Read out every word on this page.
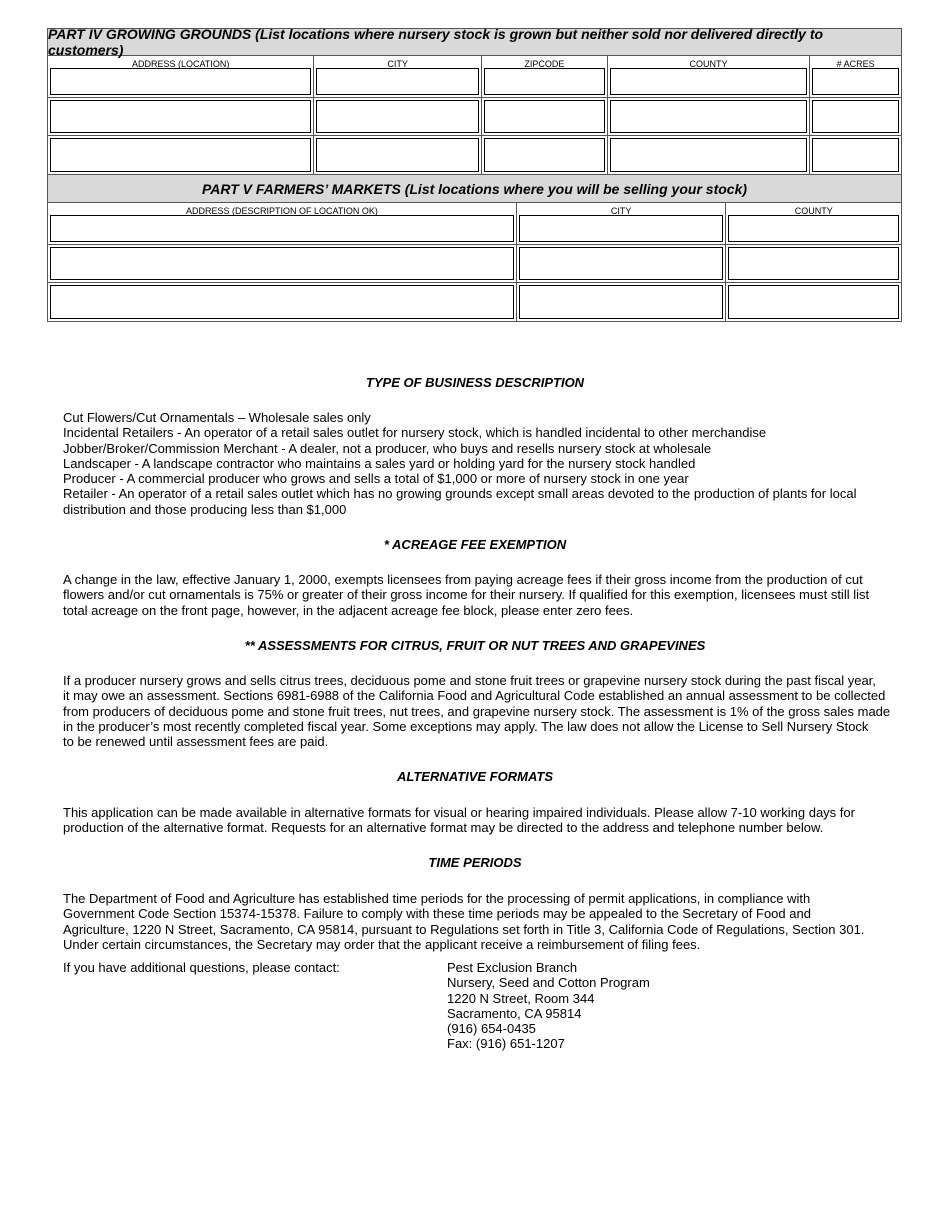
PART IV GROWING GROUNDS (List locations where nursery stock is grown but neither sold nor delivered directly to customers)
ADDRESS (LOCATION)	CITY	ZIPCODE	COUNTY	# ACRES
PART V FARMERS’ MARKETS (List locations where you will be selling your stock)
ADDRESS (DESCRIPTION OF LOCATION OK)	CITY	COUNTY
TYPE OF BUSINESS DESCRIPTION
Cut Flowers/Cut Ornamentals – Wholesale sales only
Incidental Retailers - An operator of a retail sales outlet for nursery stock, which is handled incidental to other merchandise
Jobber/Broker/Commission Merchant - A dealer, not a producer, who buys and resells nursery stock at wholesale
Landscaper - A landscape contractor who maintains a sales yard or holding yard for the nursery stock handled
Producer - A commercial producer who grows and sells a total of $1,000 or more of nursery stock in one year
Retailer - An operator of a retail sales outlet which has no growing grounds except small areas devoted to the production of plants for local
distribution and those producing less than $1,000
* ACREAGE FEE EXEMPTION
A change in the law, effective January 1, 2000, exempts licensees from paying acreage fees if their gross income from the production of cut
flowers and/or cut ornamentals is 75% or greater of their gross income for their nursery. If qualified for this exemption, licensees must still list
total acreage on the front page, however, in the adjacent acreage fee block, please enter zero fees.
** ASSESSMENTS FOR CITRUS, FRUIT OR NUT TREES AND GRAPEVINES
If a producer nursery grows and sells citrus trees, deciduous pome and stone fruit trees or grapevine nursery stock during the past fiscal year,
it may owe an assessment. Sections 6981-6988 of the California Food and Agricultural Code established an annual assessment to be collected
from producers of deciduous pome and stone fruit trees, nut trees, and grapevine nursery stock. The assessment is 1% of the gross sales made
in the producer’s most recently completed fiscal year. Some exceptions may apply. The law does not allow the License to Sell Nursery Stock
to be renewed until assessment fees are paid.
ALTERNATIVE FORMATS
This application can be made available in alternative formats for visual or hearing impaired individuals. Please allow 7-10 working days for
production of the alternative format. Requests for an alternative format may be directed to the address and telephone number below.
TIME PERIODS
The Department of Food and Agriculture has established time periods for the processing of permit applications, in compliance with
Government Code Section 15374-15378. Failure to comply with these time periods may be appealed to the Secretary of Food and
Agriculture, 1220 N Street, Sacramento, CA 95814, pursuant to Regulations set forth in Title 3, California Code of Regulations, Section 301.
Under certain circumstances, the Secretary may order that the applicant receive a reimbursement of filing fees.
If you have additional questions, please contact:	Pest Exclusion Branch
Nursery, Seed and Cotton Program
1220 N Street, Room 344
Sacramento, CA 95814
(916) 654-0435
Fax: (916) 651-1207
